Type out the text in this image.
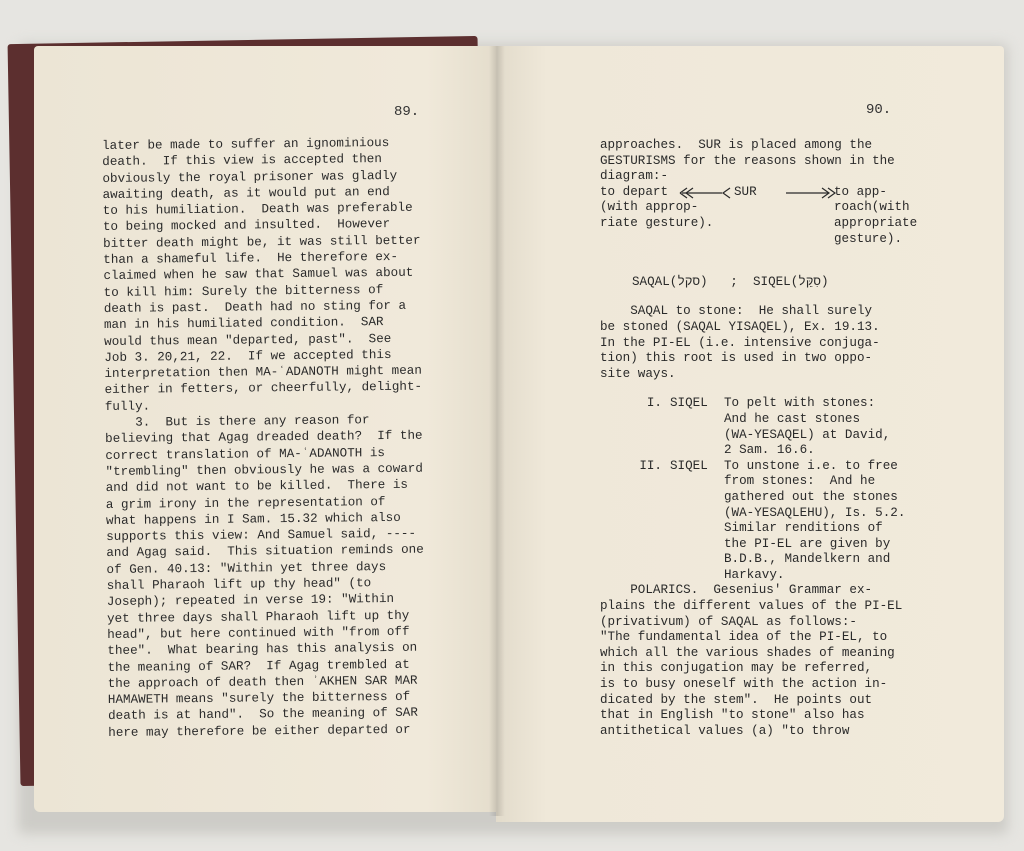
89.
later be made to suffer an ignominious
death.  If this view is accepted then
obviously the royal prisoner was gladly
awaiting death, as it would put an end
to his humiliation.  Death was preferable
to being mocked and insulted.  However
bitter death might be, it was still better
than a shameful life.  He therefore ex-
claimed when he saw that Samuel was about
to kill him: Surely the bitterness of
death is past.  Death had no sting for a
man in his humiliated condition.  SAR
would thus mean "departed, past".  See
Job 3. 20,21, 22.  If we accepted this
interpretation then MA-ʿADANOTH might mean
either in fetters, or cheerfully, delight-
fully.
3.  But is there any reason for
believing that Agag dreaded death?  If the
correct translation of MA-ʿADANOTH is
"trembling" then obviously he was a coward
and did not want to be killed.  There is
a grim irony in the representation of
what happens in I Sam. 15.32 which also
supports this view: And Samuel said, ----
and Agag said.  This situation reminds one
of Gen. 40.13: "Within yet three days
shall Pharaoh lift up thy head" (to
Joseph); repeated in verse 19: "Within
yet three days shall Pharaoh lift up thy
head", but here continued with "from off
thee".  What bearing has this analysis on
the meaning of SAR?  If Agag trembled at
the approach of death then ʾAKHEN SAR MAR
HAMAWETH means "surely the bitterness of
death is at hand".  So the meaning of SAR
here may therefore be either departed or
90.
approaches.  SUR is placed among the
GESTURISMS for the reasons shown in the
diagram:-
to depart
(with approp-
riate gesture).
SUR	to app-
roach(with
appropriate
gesture).
SAQAL(סקל)   ;  SIQEL(סִקֵּל)
SAQAL to stone:  He shall surely
be stoned (SAQAL YISAQEL), Ex. 19.13.
In the PI-EL (i.e. intensive conjuga-
tion) this root is used in two oppo-
site ways.
I. SIQEL	To pelt with stones:
And he cast stones
(WA-YESAQEL) at David,
2 Sam. 16.6.
II. SIQEL	To unstone i.e. to free
from stones:  And he
gathered out the stones
(WA-YESAQLEHU), Is. 5.2.
Similar renditions of
the PI-EL are given by
B.D.B., Mandelkern and
Harkavy.
POLARICS.  Gesenius' Grammar ex-
plains the different values of the PI-EL
(privativum) of SAQAL as follows:-
"The fundamental idea of the PI-EL, to
which all the various shades of meaning
in this conjugation may be referred,
is to busy oneself with the action in-
dicated by the stem".  He points out
that in English "to stone" also has
antithetical values (a) "to throw
